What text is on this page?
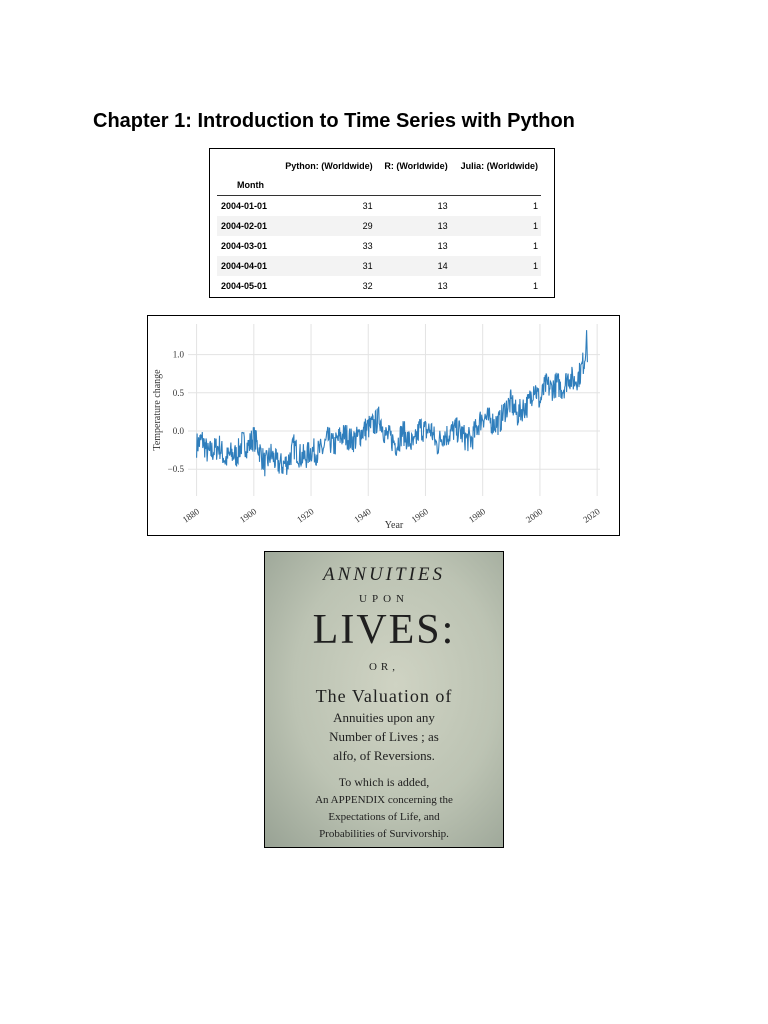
Chapter 1: Introduction to Time Series with Python
	Python: (Worldwide)	R: (Worldwide)	Julia: (Worldwide)
Month			
2004-01-01	31	13	1
2004-02-01	29	13	1
2004-03-01	33	13	1
2004-04-01	31	14	1
2004-05-01	32	13	1
1880	1900	1920	1940	1960	1980	2000	2020
−0.5
0.0
0.5
1.0
Year
Temperature change
ANNUITIES
UPON
LIVES:
OR,
The Valuation of
Annuities upon any
Number of Lives ; as
alfo, of Reversions.
To which is added,
An APPENDIX concerning the
Expectations of Life, and
Probabilities of Survivorship.
